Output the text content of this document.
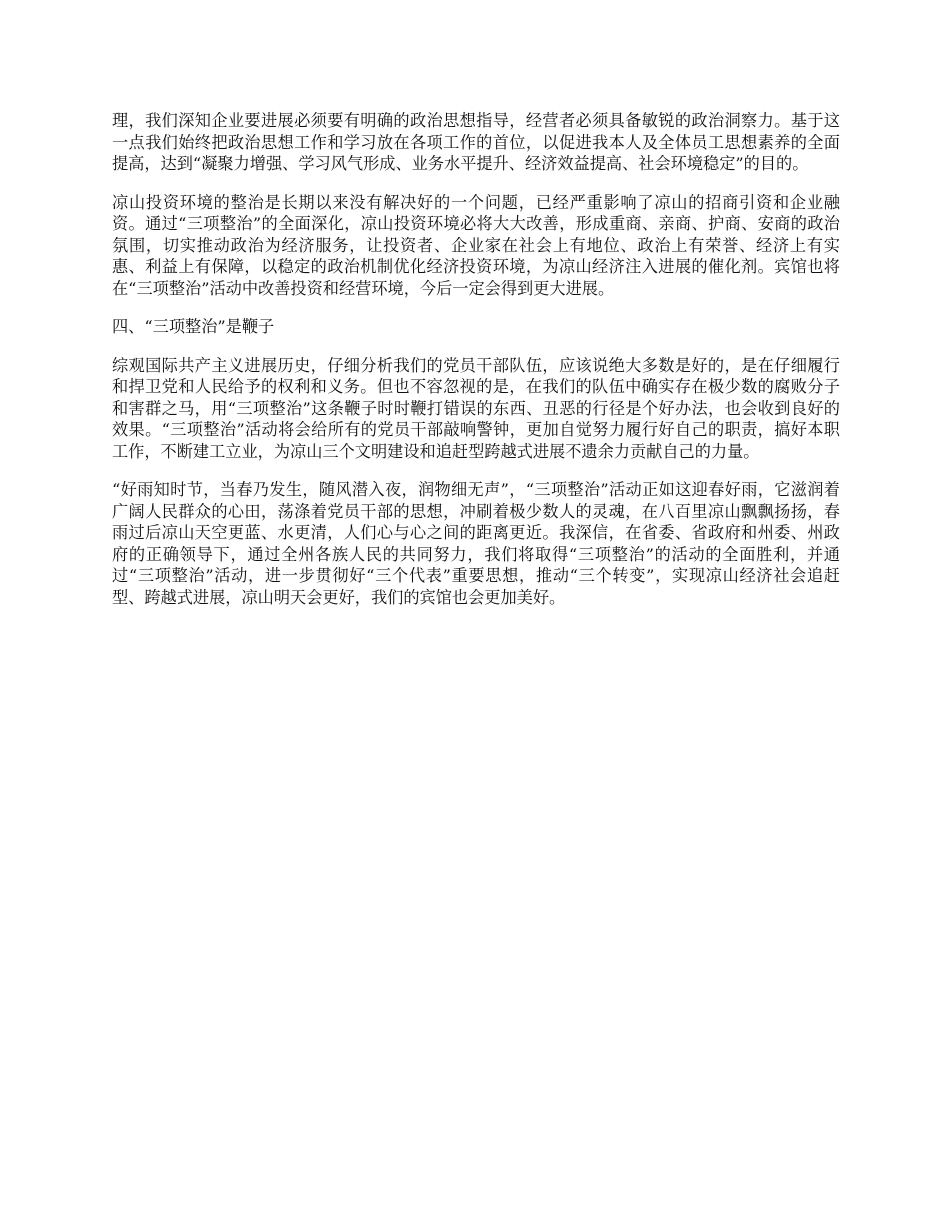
理，我们深知企业要进展必须要有明确的政治思想指导，经营者必须具备敏锐的政治洞察力。基于这一点我们始终把政治思想工作和学习放在各项工作的首位，以促进我本人及全体员工思想素养的全面提高，达到“凝聚力增强、学习风气形成、业务水平提升、经济效益提高、社会环境稳定”的目的。

凉山投资环境的整治是长期以来没有解决好的一个问题，已经严重影响了凉山的招商引资和企业融资。通过“三项整治”的全面深化，凉山投资环境必将大大改善，形成重商、亲商、护商、安商的政治氛围，切实推动政治为经济服务，让投资者、企业家在社会上有地位、政治上有荣誉、经济上有实惠、利益上有保障，以稳定的政治机制优化经济投资环境，为凉山经济注入进展的催化剂。宾馆也将在“三项整治”活动中改善投资和经营环境，今后一定会得到更大进展。

四、“三项整治”是鞭子

综观国际共产主义进展历史，仔细分析我们的党员干部队伍，应该说绝大多数是好的，是在仔细履行和捍卫党和人民给予的权利和义务。但也不容忽视的是，在我们的队伍中确实存在极少数的腐败分子和害群之马，用“三项整治”这条鞭子时时鞭打错误的东西、丑恶的行径是个好办法，也会收到良好的效果。“三项整治”活动将会给所有的党员干部敲响警钟，更加自觉努力履行好自己的职责，搞好本职工作，不断建工立业，为凉山三个文明建设和追赶型跨越式进展不遗余力贡献自己的力量。

“好雨知时节，当春乃发生，随风潜入夜，润物细无声”，“三项整治”活动正如这迎春好雨，它滋润着广阔人民群众的心田，荡涤着党员干部的思想，冲刷着极少数人的灵魂，在八百里凉山飘飘扬扬，春雨过后凉山天空更蓝、水更清，人们心与心之间的距离更近。我深信，在省委、省政府和州委、州政府的正确领导下，通过全州各族人民的共同努力，我们将取得“三项整治”的活动的全面胜利，并通过“三项整治”活动，进一步贯彻好“三个代表”重要思想，推动“三个转变”，实现凉山经济社会追赶型、跨越式进展，凉山明天会更好，我们的宾馆也会更加美好。
